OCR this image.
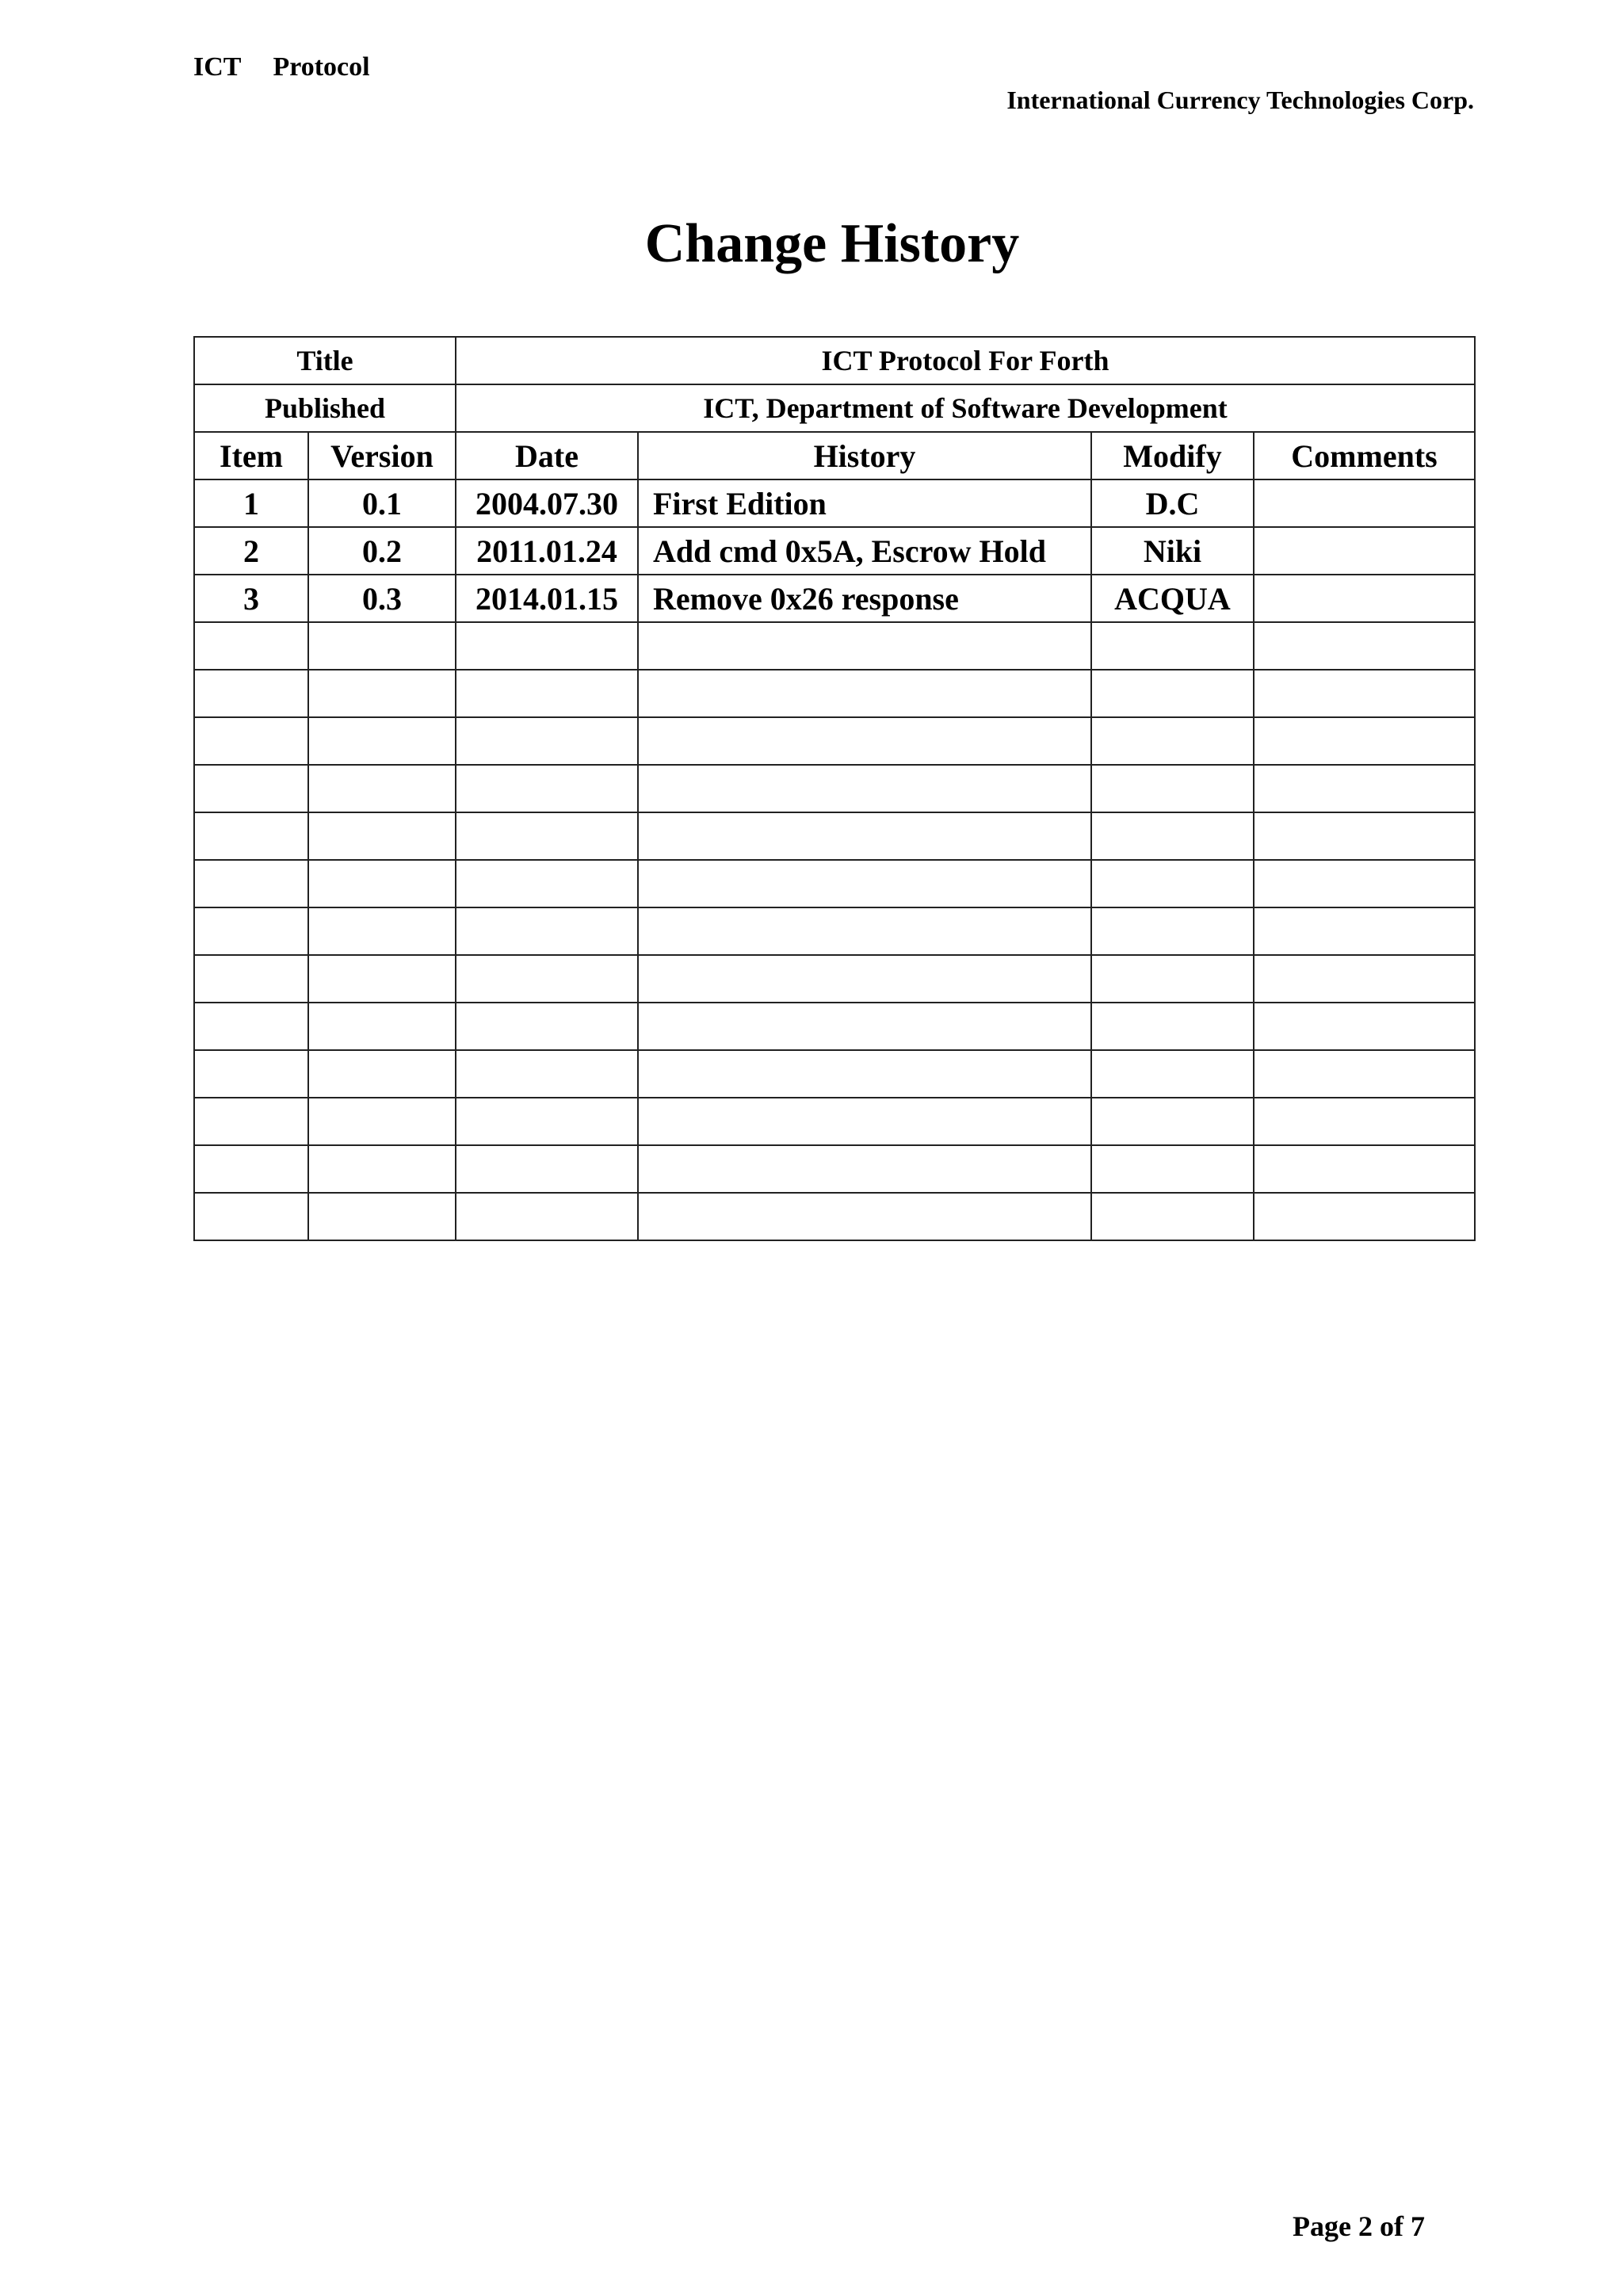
ICT Protocol
International Currency Technologies Corp.
Change History
Title		ICT Protocol For Forth			
Published		ICT, Department of Software Development			
Item	Version	Date	History	Modify	Comments
1	0.1	2004.07.30	First Edition	D.C	
2	0.2	2011.01.24	Add cmd 0x5A, Escrow Hold	Niki	
3	0.3	2014.01.15	Remove 0x26 response	ACQUA	

Page 2 of 7
